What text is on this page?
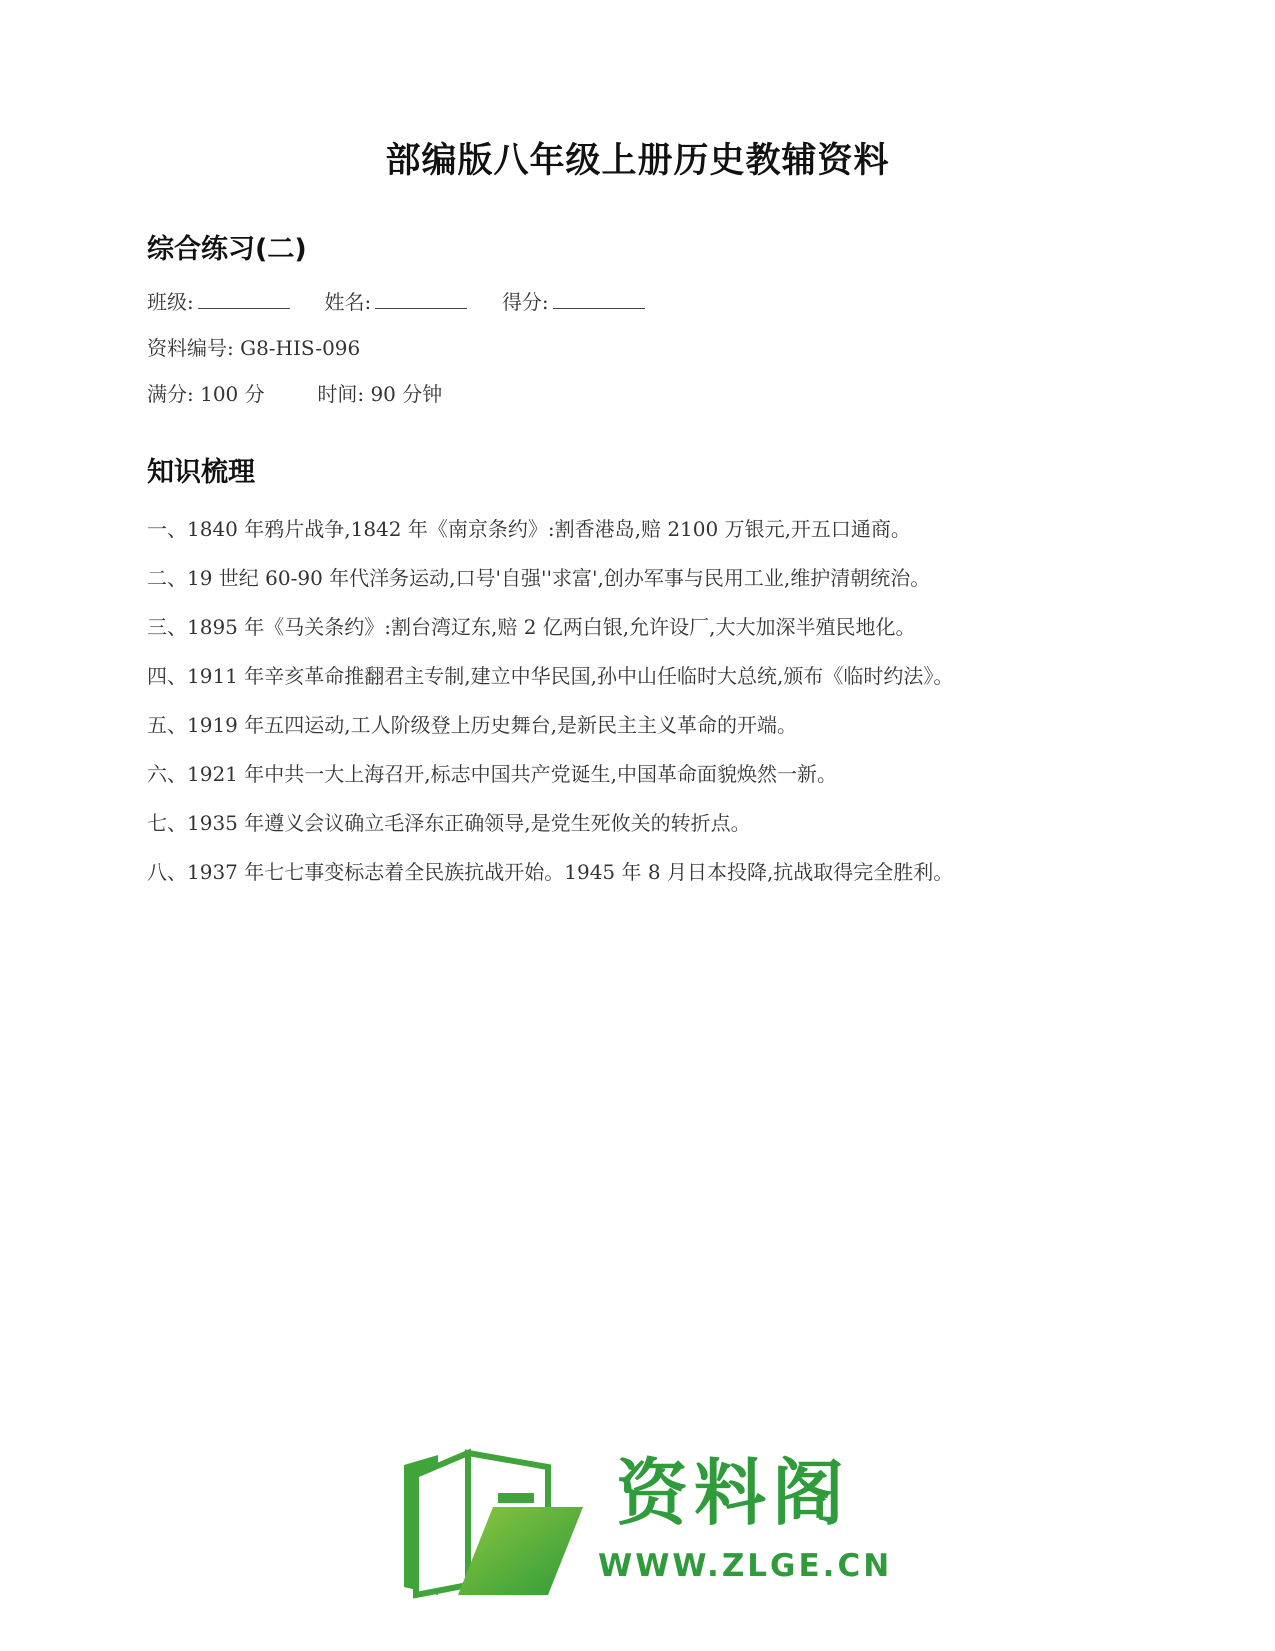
部编版八年级上册历史教辅资料
综合练习(二)
班级:	姓名:	得分:
资料编号: G8-HIS-096
满分: 100 分	时间: 90 分钟
知识梳理
一、1840 年鸦片战争,1842 年《南京条约》:割香港岛,赔 2100 万银元,开五口通商。
二、19 世纪 60-90 年代洋务运动,口号'自强''求富',创办军事与民用工业,维护清朝统治。
三、1895 年《马关条约》:割台湾辽东,赔 2 亿两白银,允许设厂,大大加深半殖民地化。
四、1911 年辛亥革命推翻君主专制,建立中华民国,孙中山任临时大总统,颁布《临时约法》。
五、1919 年五四运动,工人阶级登上历史舞台,是新民主主义革命的开端。
六、1921 年中共一大上海召开,标志中国共产党诞生,中国革命面貌焕然一新。
七、1935 年遵义会议确立毛泽东正确领导,是党生死攸关的转折点。
八、1937 年七七事变标志着全民族抗战开始。1945 年 8 月日本投降,抗战取得完全胜利。
资料阁
WWW.ZLGE.CN
